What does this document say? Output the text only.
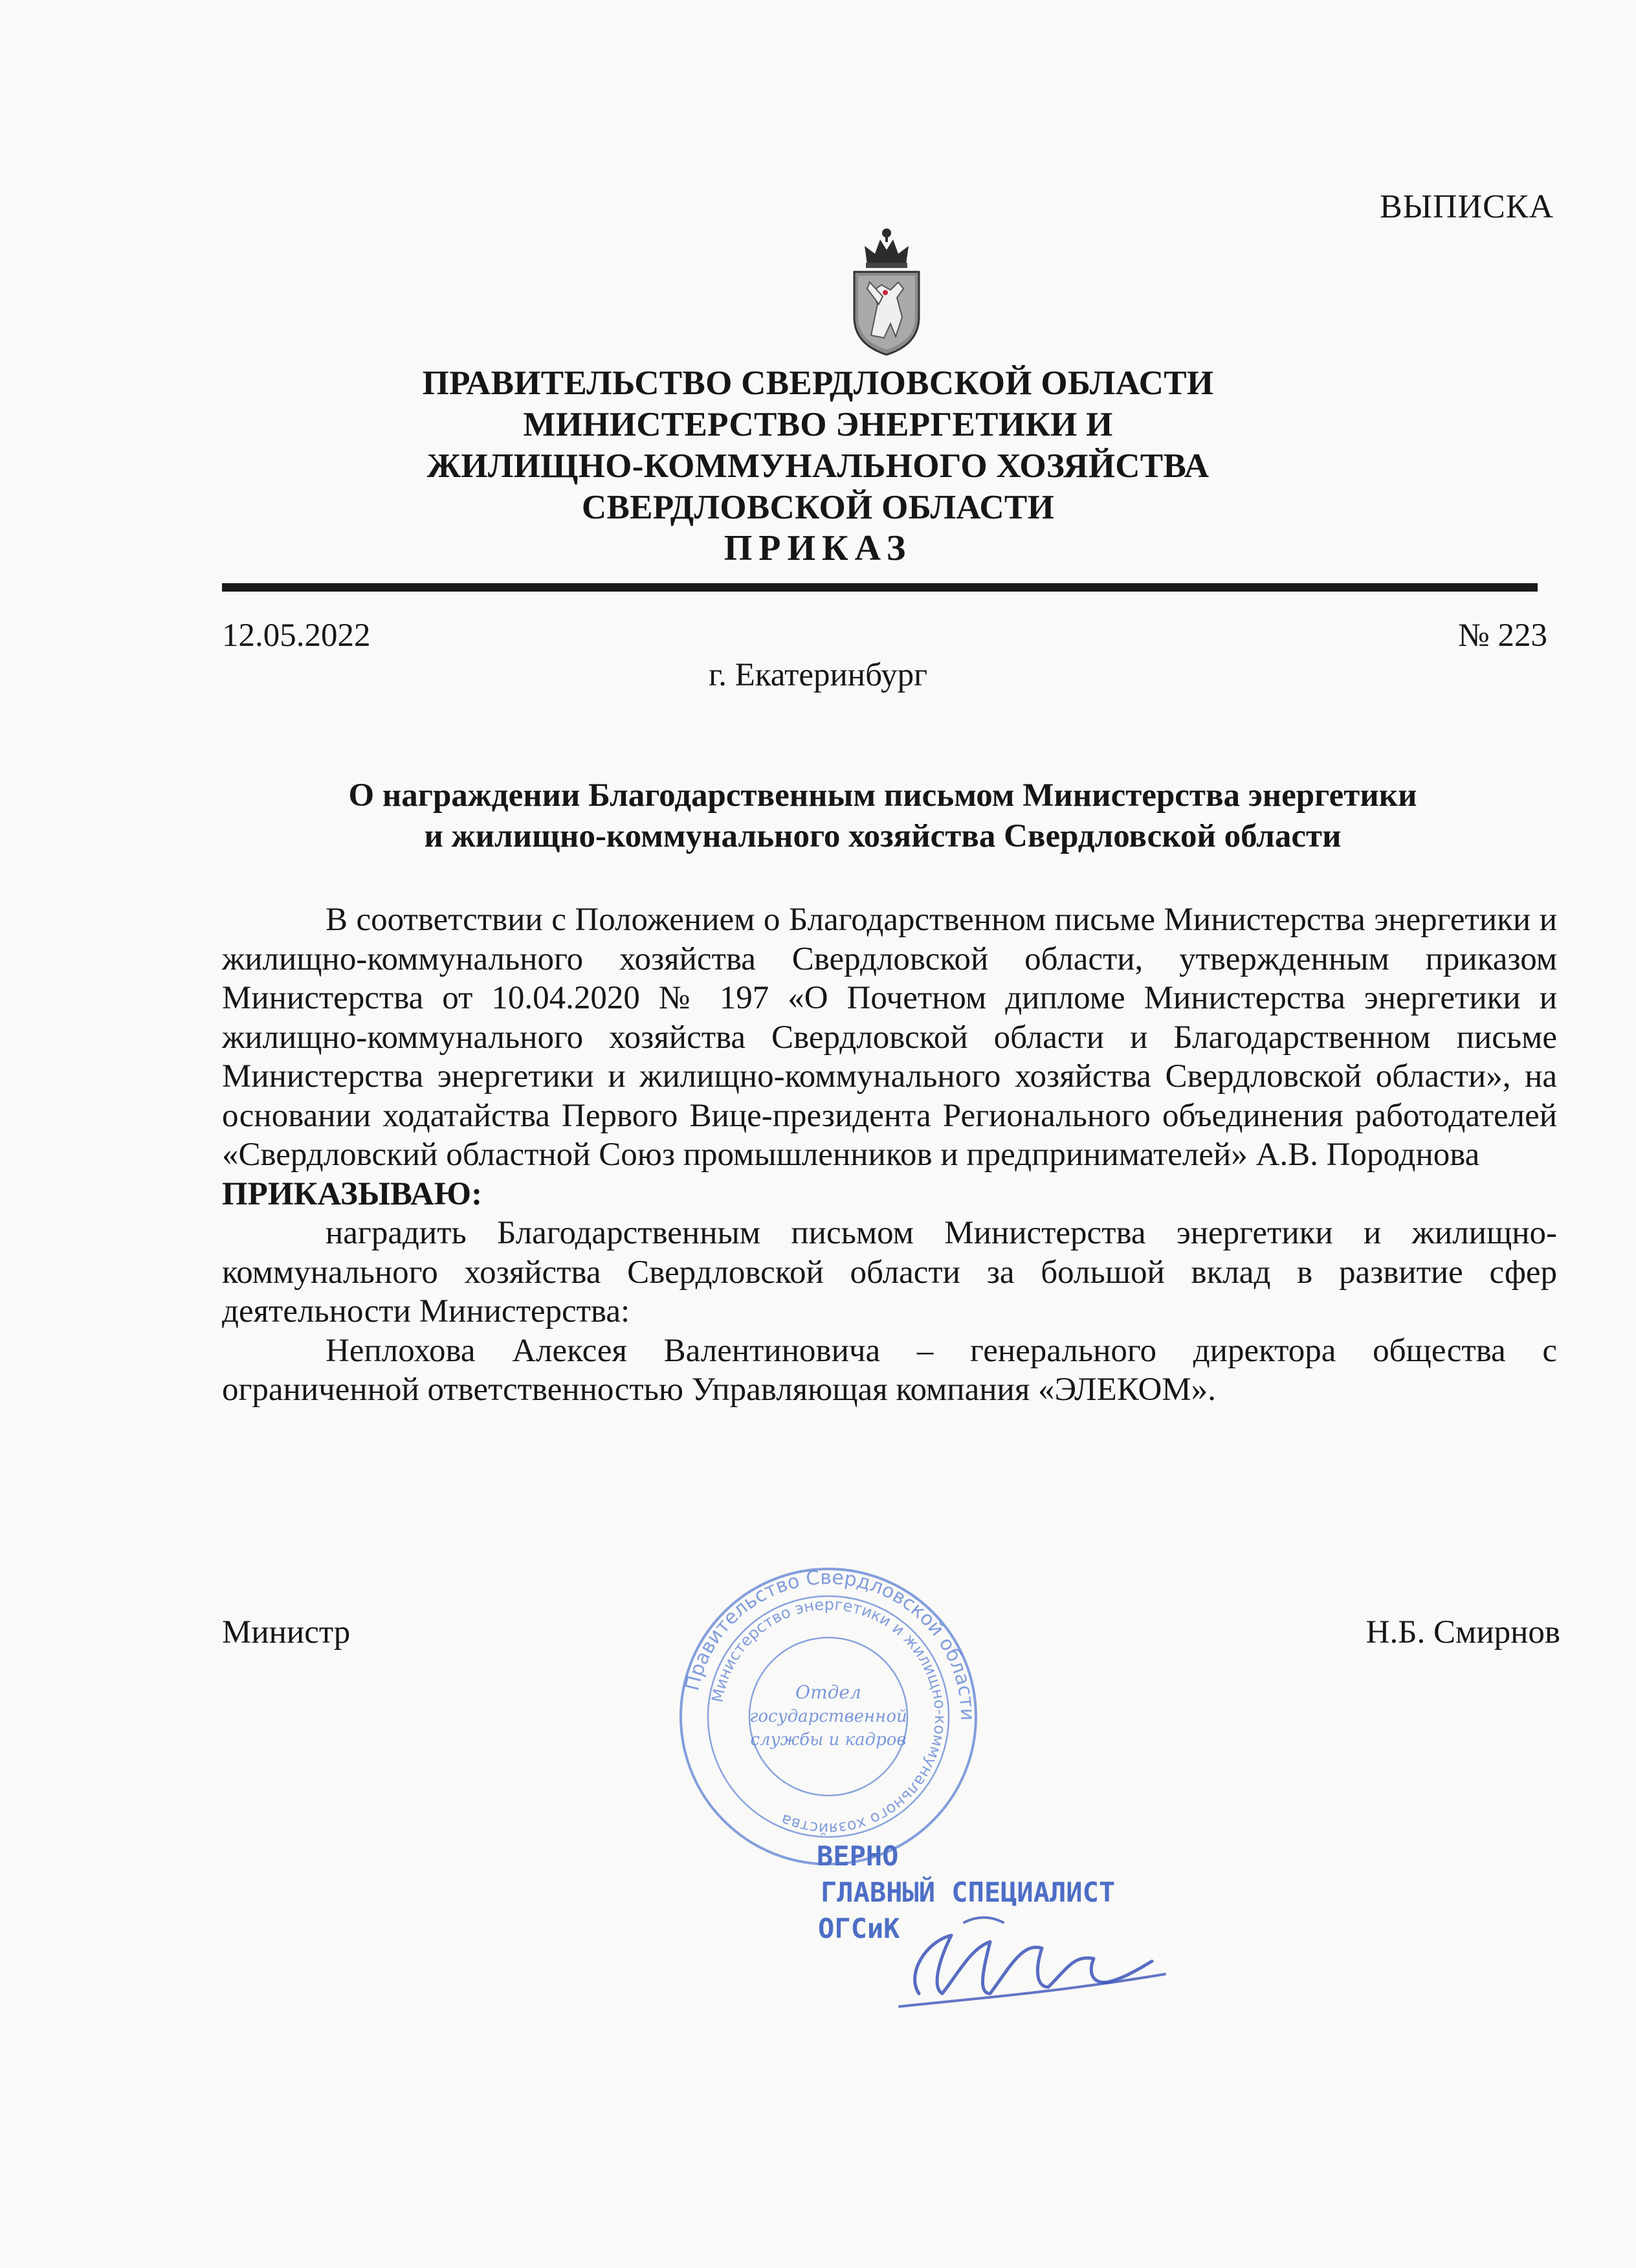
ВЫПИСКА
ПРАВИТЕЛЬСТВО СВЕРДЛОВСКОЙ ОБЛАСТИ
МИНИСТЕРСТВО ЭНЕРГЕТИКИ И
ЖИЛИЩНО-КОММУНАЛЬНОГО ХОЗЯЙСТВА
СВЕРДЛОВСКОЙ ОБЛАСТИ
ПРИКАЗ
12.05.2022	№ 223
г. Екатеринбург
О награждении Благодарственным письмом Министерства энергетики
и жилищно-коммунального хозяйства Свердловской области

В соответствии с Положением о Благодарственном письме Министерства энергетики и жилищно-коммунального хозяйства Свердловской области, утвержденным приказом Министерства от 10.04.2020 № 197 «О Почетном дипломе Министерства энергетики и жилищно-коммунального хозяйства Свердловской области и Благодарственном письме Министерства энергетики и жилищно-коммунального хозяйства Свердловской области», на основании ходатайства Первого Вице-президента Регионального объединения работодателей «Свердловский областной Союз промышленников и предпринимателей» А.В. Породнова

ПРИКАЗЫВАЮ:

наградить Благодарственным письмом Министерства энергетики и жилищно-коммунального хозяйства Свердловской области за большой вклад в развитие сфер деятельности Министерства:

Неплохова Алексея Валентиновича – генерального директора общества с ограниченной ответственностью Управляющая компания «ЭЛЕКОМ».

Министр	Н.Б. Смирнов
Правительство Свердловской области
Министерство энергетики и жилищно-коммунального хозяйства
Отдел
государственной
службы и кадров
ВЕРНО
ГЛАВНЫЙ СПЕЦИАЛИСТ
ОГСиК
